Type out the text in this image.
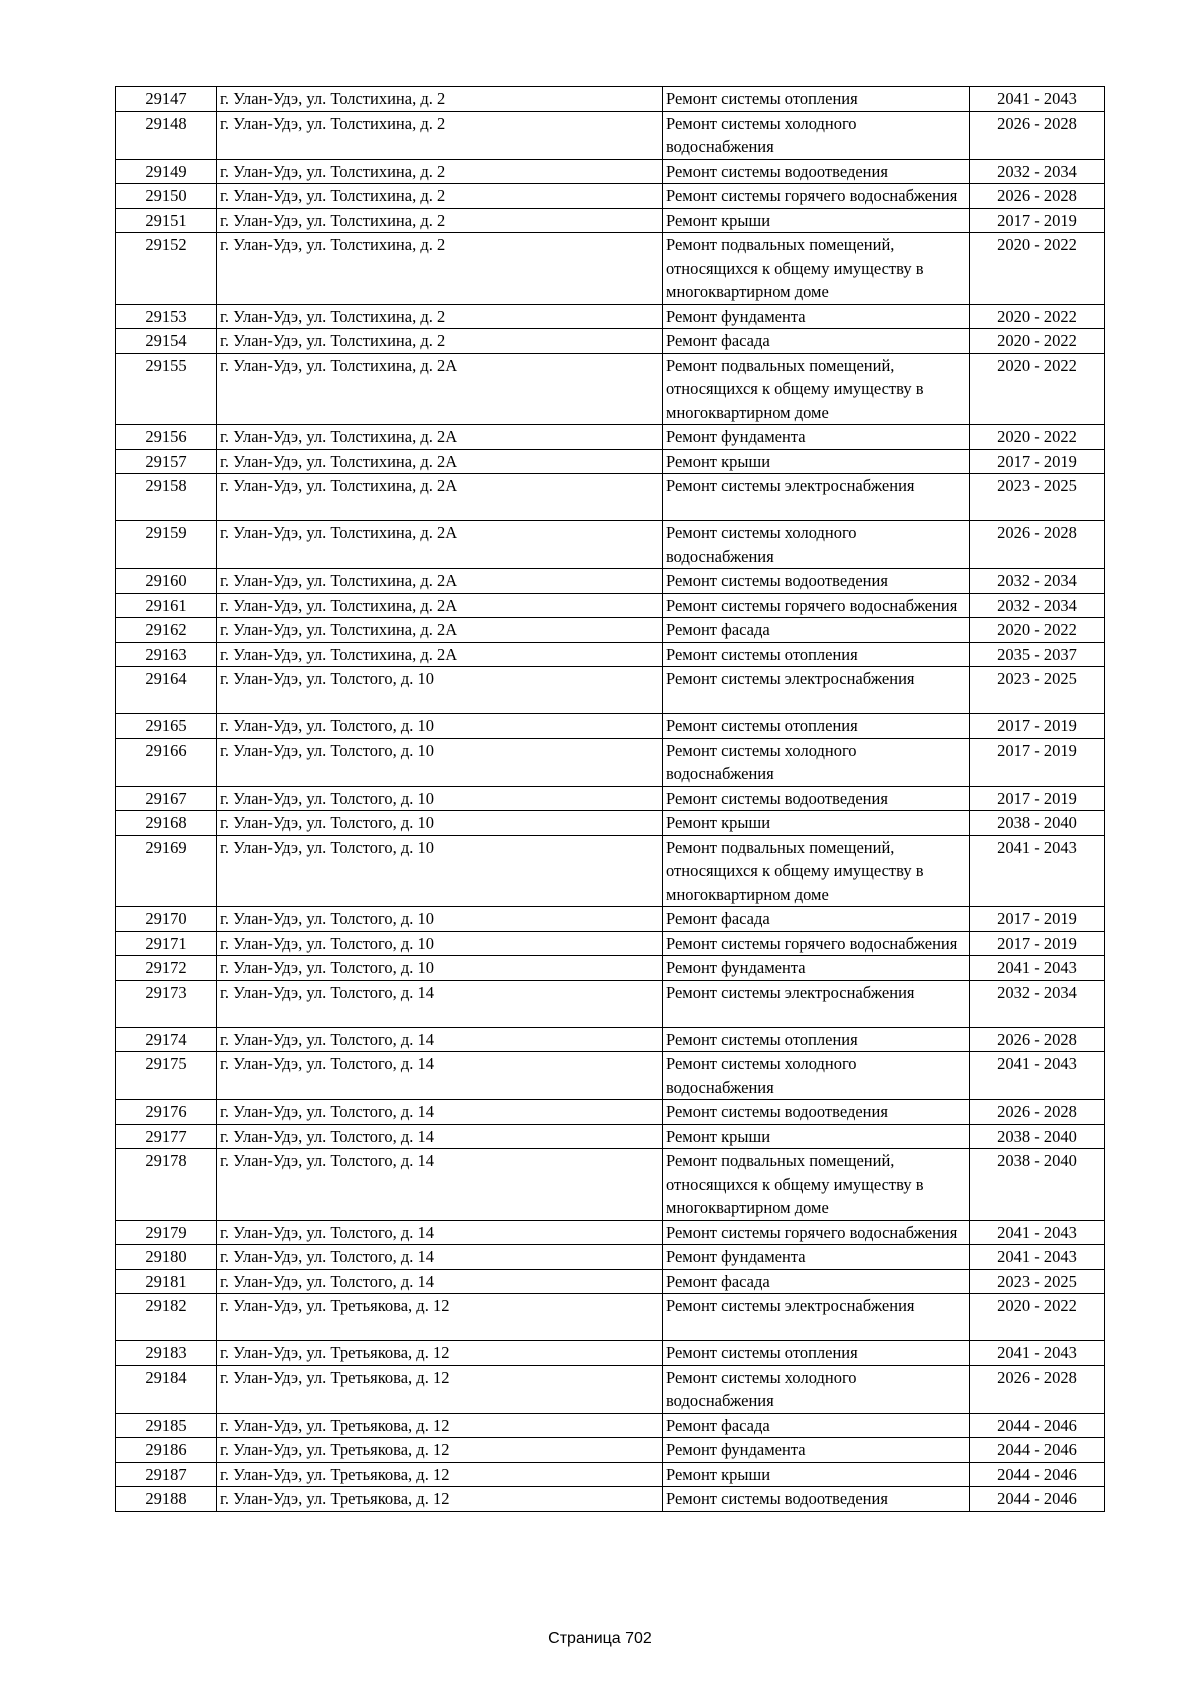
29147	г. Улан-Удэ, ул. Толстихина, д. 2	Ремонт системы отопления	2041 - 2043
29148	г. Улан-Удэ, ул. Толстихина, д. 2	Ремонт системы холодного водоснабжения	2026 - 2028
29149	г. Улан-Удэ, ул. Толстихина, д. 2	Ремонт системы водоотведения	2032 - 2034
29150	г. Улан-Удэ, ул. Толстихина, д. 2	Ремонт системы горячего водоснабжения	2026 - 2028
29151	г. Улан-Удэ, ул. Толстихина, д. 2	Ремонт крыши	2017 - 2019
29152	г. Улан-Удэ, ул. Толстихина, д. 2	Ремонт подвальных помещений, относящихся к общему имуществу в многоквартирном доме	2020 - 2022
29153	г. Улан-Удэ, ул. Толстихина, д. 2	Ремонт фундамента	2020 - 2022
29154	г. Улан-Удэ, ул. Толстихина, д. 2	Ремонт фасада	2020 - 2022
29155	г. Улан-Удэ, ул. Толстихина, д. 2А	Ремонт подвальных помещений, относящихся к общему имуществу в многоквартирном доме	2020 - 2022
29156	г. Улан-Удэ, ул. Толстихина, д. 2А	Ремонт фундамента	2020 - 2022
29157	г. Улан-Удэ, ул. Толстихина, д. 2А	Ремонт крыши	2017 - 2019
29158	г. Улан-Удэ, ул. Толстихина, д. 2А	Ремонт системы электроснабжения	2023 - 2025
29159	г. Улан-Удэ, ул. Толстихина, д. 2А	Ремонт системы холодного водоснабжения	2026 - 2028
29160	г. Улан-Удэ, ул. Толстихина, д. 2А	Ремонт системы водоотведения	2032 - 2034
29161	г. Улан-Удэ, ул. Толстихина, д. 2А	Ремонт системы горячего водоснабжения	2032 - 2034
29162	г. Улан-Удэ, ул. Толстихина, д. 2А	Ремонт фасада	2020 - 2022
29163	г. Улан-Удэ, ул. Толстихина, д. 2А	Ремонт системы отопления	2035 - 2037
29164	г. Улан-Удэ, ул. Толстого, д. 10	Ремонт системы электроснабжения	2023 - 2025
29165	г. Улан-Удэ, ул. Толстого, д. 10	Ремонт системы отопления	2017 - 2019
29166	г. Улан-Удэ, ул. Толстого, д. 10	Ремонт системы холодного водоснабжения	2017 - 2019
29167	г. Улан-Удэ, ул. Толстого, д. 10	Ремонт системы водоотведения	2017 - 2019
29168	г. Улан-Удэ, ул. Толстого, д. 10	Ремонт крыши	2038 - 2040
29169	г. Улан-Удэ, ул. Толстого, д. 10	Ремонт подвальных помещений, относящихся к общему имуществу в многоквартирном доме	2041 - 2043
29170	г. Улан-Удэ, ул. Толстого, д. 10	Ремонт фасада	2017 - 2019
29171	г. Улан-Удэ, ул. Толстого, д. 10	Ремонт системы горячего водоснабжения	2017 - 2019
29172	г. Улан-Удэ, ул. Толстого, д. 10	Ремонт фундамента	2041 - 2043
29173	г. Улан-Удэ, ул. Толстого, д. 14	Ремонт системы электроснабжения	2032 - 2034
29174	г. Улан-Удэ, ул. Толстого, д. 14	Ремонт системы отопления	2026 - 2028
29175	г. Улан-Удэ, ул. Толстого, д. 14	Ремонт системы холодного водоснабжения	2041 - 2043
29176	г. Улан-Удэ, ул. Толстого, д. 14	Ремонт системы водоотведения	2026 - 2028
29177	г. Улан-Удэ, ул. Толстого, д. 14	Ремонт крыши	2038 - 2040
29178	г. Улан-Удэ, ул. Толстого, д. 14	Ремонт подвальных помещений, относящихся к общему имуществу в многоквартирном доме	2038 - 2040
29179	г. Улан-Удэ, ул. Толстого, д. 14	Ремонт системы горячего водоснабжения	2041 - 2043
29180	г. Улан-Удэ, ул. Толстого, д. 14	Ремонт фундамента	2041 - 2043
29181	г. Улан-Удэ, ул. Толстого, д. 14	Ремонт фасада	2023 - 2025
29182	г. Улан-Удэ, ул. Третьякова, д. 12	Ремонт системы электроснабжения	2020 - 2022
29183	г. Улан-Удэ, ул. Третьякова, д. 12	Ремонт системы отопления	2041 - 2043
29184	г. Улан-Удэ, ул. Третьякова, д. 12	Ремонт системы холодного водоснабжения	2026 - 2028
29185	г. Улан-Удэ, ул. Третьякова, д. 12	Ремонт фасада	2044 - 2046
29186	г. Улан-Удэ, ул. Третьякова, д. 12	Ремонт фундамента	2044 - 2046
29187	г. Улан-Удэ, ул. Третьякова, д. 12	Ремонт крыши	2044 - 2046
29188	г. Улан-Удэ, ул. Третьякова, д. 12	Ремонт системы водоотведения	2044 - 2046
Страница 702
